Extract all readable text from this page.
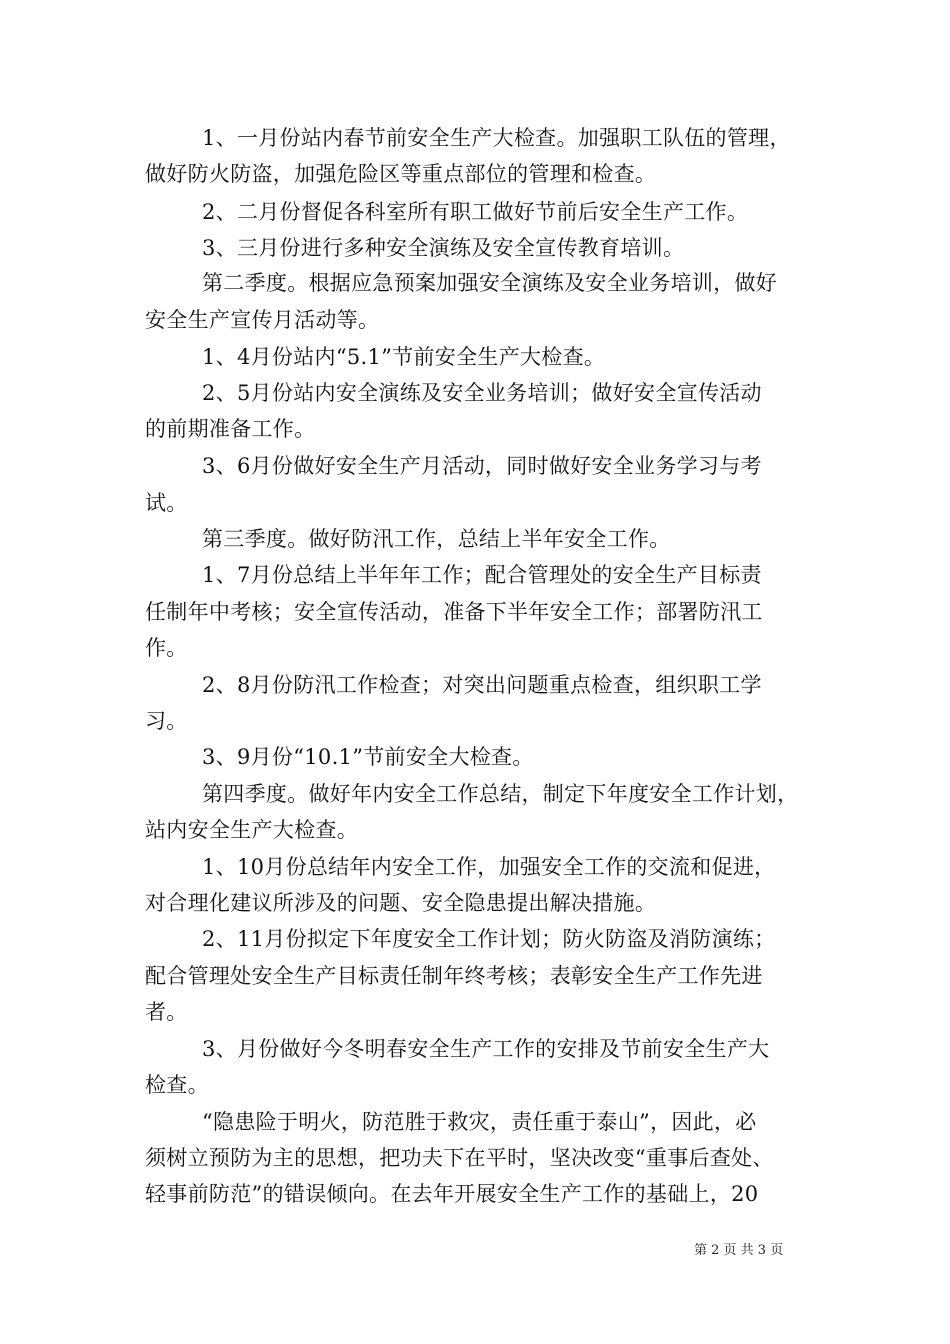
1、一月份站内春节前安全生产大检查。加强职工队伍的管理，
做好防火防盗，加强危险区等重点部位的管理和检查。
2、二月份督促各科室所有职工做好节前后安全生产工作。
3、三月份进行多种安全演练及安全宣传教育培训。
第二季度。根据应急预案加强安全演练及安全业务培训，做好
安全生产宣传月活动等。
1、4月份站内“5.1”节前安全生产大检查。
2、5月份站内安全演练及安全业务培训；做好安全宣传活动
的前期准备工作。
3、6月份做好安全生产月活动，同时做好安全业务学习与考
试。
第三季度。做好防汛工作，总结上半年安全工作。
1、7月份总结上半年年工作；配合管理处的安全生产目标责
任制年中考核；安全宣传活动，准备下半年安全工作；部署防汛工
作。
2、8月份防汛工作检查；对突出问题重点检查，组织职工学
习。
3、9月份“10.1”节前安全大检查。
第四季度。做好年内安全工作总结，制定下年度安全工作计划，
站内安全生产大检查。
1、10月份总结年内安全工作，加强安全工作的交流和促进，
对合理化建议所涉及的问题、安全隐患提出解决措施。
2、11月份拟定下年度安全工作计划；防火防盗及消防演练；
配合管理处安全生产目标责任制年终考核；表彰安全生产工作先进
者。
3、月份做好今冬明春安全生产工作的安排及节前安全生产大
检查。
“隐患险于明火，防范胜于救灾，责任重于泰山”，因此，必
须树立预防为主的思想，把功夫下在平时，坚决改变“重事后查处、
轻事前防范”的错误倾向。在去年开展安全生产工作的基础上，20
第 2 页 共 3 页
